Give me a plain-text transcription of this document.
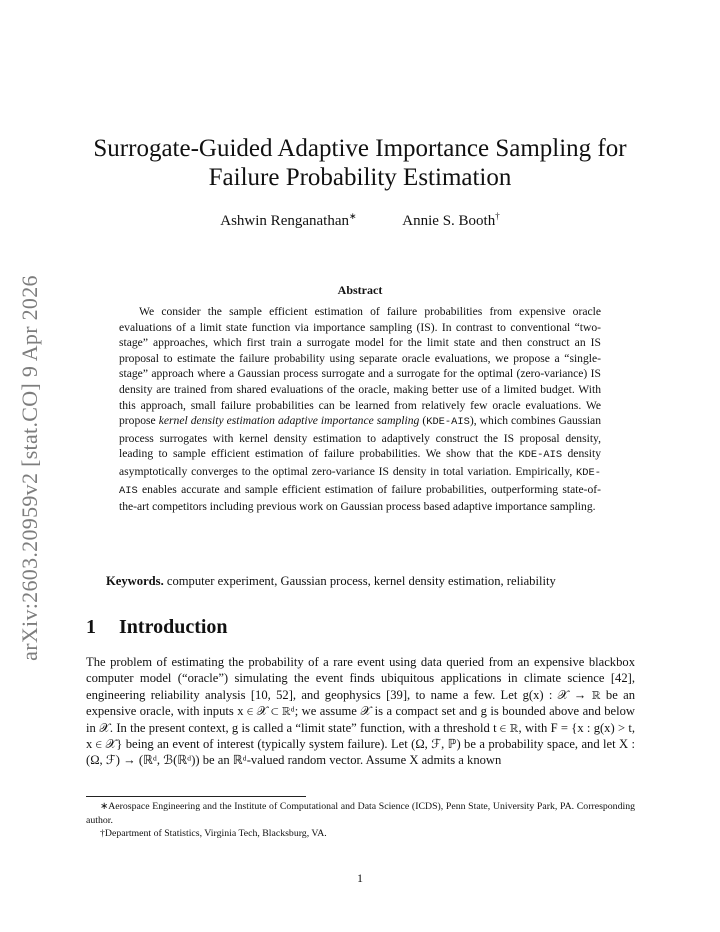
arXiv:2603.20959v2 [stat.CO] 9 Apr 2026
Surrogate-Guided Adaptive Importance Sampling for
Failure Probability Estimation
Ashwin Renganathan∗	Annie S. Booth†
Abstract

We consider the sample efficient estimation of failure probabilities from expensive oracle evaluations of a limit state function via importance sampling (IS). In contrast to conventional “two-stage” approaches, which first train a surrogate model for the limit state and then construct an IS proposal to estimate the failure probability using separate oracle evaluations, we propose a “single-stage” approach where a Gaussian process surrogate and a surrogate for the optimal (zero-variance) IS density are trained from shared evaluations of the oracle, making better use of a limited budget. With this approach, small failure probabilities can be learned from relatively few oracle evaluations. We propose kernel density estimation adaptive importance sampling (KDE-AIS), which combines Gaussian process surrogates with kernel density estimation to adaptively construct the IS proposal density, leading to sample efficient estimation of failure probabilities. We show that the KDE-AIS density asymptotically converges to the optimal zero-variance IS density in total variation. Empirically, KDE-AIS enables accurate and sample efficient estimation of failure probabilities, outperforming state-of-the-art competitors including previous work on Gaussian process based adaptive importance sampling.

Keywords. computer experiment, Gaussian process, kernel density estimation, reliability
1 Introduction

The problem of estimating the probability of a rare event using data queried from an expensive blackbox computer model (“oracle”) simulating the event finds ubiquitous applications in climate science [42], engineering reliability analysis [10, 52], and geophysics [39], to name a few. Let g(x) : 𝒳 → ℝ be an expensive oracle, with inputs x ∈ 𝒳 ⊂ ℝᵈ; we assume 𝒳 is a compact set and g is bounded above and below in 𝒳. In the present context, g is called a “limit state” function, with a threshold t ∈ ℝ, with F = {x : g(x) > t, x ∈ 𝒳} being an event of interest (typically system failure). Let (Ω, ℱ, ℙ) be a probability space, and let X : (Ω, ℱ) → (ℝᵈ, ℬ(ℝᵈ)) be an ℝᵈ-valued random vector. Assume X admits a known

∗Aerospace Engineering and the Institute of Computational and Data Science (ICDS), Penn State, University Park, PA. Corresponding author.

†Department of Statistics, Virginia Tech, Blacksburg, VA.

1
